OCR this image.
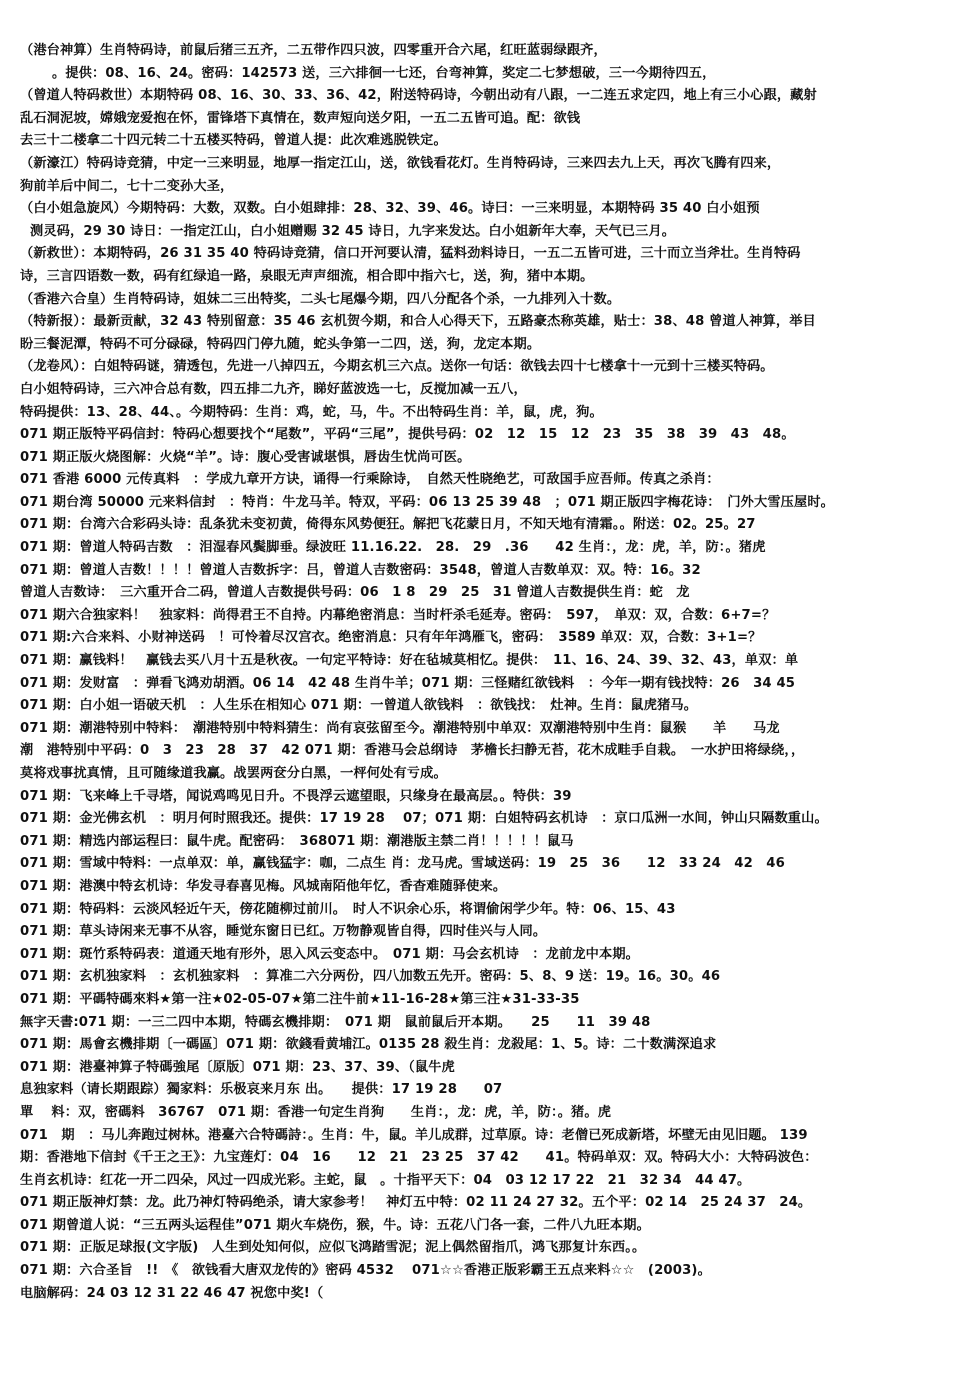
（港台神算）生肖特码诗，前鼠后猪三五齐，二五带作四只波，四零重开合六尾，红旺蓝弱绿跟齐，
。提供：08、16、24。密码：142573 送，三六排徊一七还，台弯神算，奖定二七梦想破，三一今期待四五，
（曾道人特码救世）本期特码 08、16、30、33、36、42，附送特码诗，今朝出动有八跟，一二连五求定四，地上有三小心跟，藏射
乱石洞泥坡，嫦娥宠爱抱在怀，雷锋塔下真情在，数声短向送夕阳，一五二五皆可追。配：欲钱
去三十二楼拿二十四元转二十五楼买特码，曾道人提：此次难逃脱铁定。
（新濠江）特码诗竞猜，中定一三来明显，地厚一指定江山，送，欲钱看花灯。生肖特码诗，三来四去九上天，再次飞腾有四来，
狗前羊后中间二，七十二变孙大圣，
（白小姐急旋风）今期特码：大数，双数。白小姐肆排：28、32、39、46。诗曰：一三来明显，本期特码 35 40 白小姐预
测灵码，29 30 诗日：一指定江山，白小姐赠赐 32 45 诗日，九字来发达。白小姐新年大奉，天气已三月。
（新救世）：本期特码，26 31 35 40 特码诗竞猜，信口开河要认清，猛料劲料诗日，一五二五皆可进，三十而立当斧壮。生肖特码
诗，三言四语数一数，码有红绿追一路，泉眼无声声细流，相合即中指六七，送，狗，猪中本期。
（香港六合皇）生肖特码诗，姐妹二三出特奖，二头七尾爆今期，四八分配各个杀，一九排列入十数。
（特新报）：最新贡献，32 43 特别留意：35 46 玄机贺今期，和合人心得天下，五路豪杰称英雄，贴士：38、48 曾道人神算，举目
盼三餐泥潭，特码不可分碌碌，特码四门停九随，蛇头争第一二四，送，狗，龙定本期。
（龙卷风）：白姐特码谜，猜透包，先进一八掉四五，今期玄机三六点。送你一句话：欲钱去四十七楼拿十一元到十三楼买特码。
白小姐特码诗，三六冲合总有数，四五排二九齐，睇好蓝波选一七，反搅加减一五八，
特码提供：13、28、44、。今期特码：生肖：鸡，蛇，马，牛。不出特码生肖：羊，鼠，虎，狗。
071 期正版特平码信封：特码心想要找个“尾数”，平码“三尾”，提供号码：02　12　15　12　23　35　38　39　43　48。
071 期正版火烧图解：火烧“羊”。诗：腹心受害诚堪惧，唇齿生忧尚可医。
071 香港 6000 元传真料　：学成九章开方诀，诵得一行乘除诗，　自然天性晓绝艺，可敌国手应吾师。传真之杀肖：
071 期台湾 50000 元来料信封　：特肖：牛龙马羊。特双，平码：06 13 25 39 48　；071 期正版四字梅花诗：　门外大雪压屋时。
071 期：台湾六合彩码头诗：乱条犹未变初黄，倚得东风势便狂。解把飞花蒙日月，不知天地有清霜。。附送：02。25。27
071 期：曾道人特码吉数　：泪湿春风鬓脚垂。绿波旺 11.16.22.　28.　29　.36　　42 生肖：，龙：虎，羊，防：。猪虎
071 期：曾道人吉数！！！！曾道人吉数拆字：吕，曾道人吉数密码：3548，曾道人吉数单双：双。特：16。32
曾道人吉数诗：　三六重开合二码，曾道人吉数提供号码：06　1 8　29　25　31 曾道人吉数提供生肖：蛇　龙
071 期六合独家料！　独家料：尚得君王不自持。内幕绝密消息：当时杆杀毛延寿。密码：　597，　单双：双，合数：6+7=？
071 期:六合来料、小财神送码　！可怜着尽汉宫衣。绝密消息：只有年年鸿雁飞，密码：　3589 单双：双，合数：3+1=？
071 期：赢钱料！　赢钱去买八月十五是秋夜。一句定平特诗：好在毡城莫相忆。提供：　11、16、24、39、32、43，单双：单
071 期：发财富　：弹看飞鸿劝胡酒。06 14　42 48 生肖牛羊；071 期：三怪赌红欲钱料　：今年一期有钱找特：26　34 45
071 期：白小姐一语破天机　：人生乐在相知心 071 期：一曾道人欲钱料　：欲钱找：　灶神。生肖：鼠虎猪马。
071 期：潮港特别中特料：　潮港特别中特料猜生：尚有哀弦留至今。潮港特别中单双：双潮港特别中生肖：鼠猴　　羊　　马龙
潮　港特别中平码：0　3　23　28　37　42 071 期：香港马会总纲诗　茅檐长扫静无苔，花木成畦手自栽。　一水护田将绿绕，，
莫将戏事扰真情，且可随缘道我赢。战罢两奁分白黑，一枰何处有亏成。
071 期：飞来峰上千寻塔，闻说鸡鸣见日升。不畏浮云遮望眼，只缘身在最高层。。特供：39
071 期：金光佛玄机　：明月何时照我还。提供：17 19 28　 07；071 期：白姐特码玄机诗　：京口瓜洲一水间，钟山只隔数重山。
071 期：精选内部运程曰：鼠牛虎。配密码：　368071 期：潮港版主禁二肖！！！！！鼠马
071 期：雪域中特料：一点单双：单，赢钱猛字：咖，二点生 肖：龙马虎。雪域送码：19　25　36　　12　33 24　42　46
071 期：港澳中特玄机诗：华发寻春喜见梅。风城南陌他年忆，香杳难随驿使来。
071 期：特码料：云淡风轻近午天，傍花随柳过前川。　时人不识余心乐，将谓偷闲学少年。特：06、15、43
071 期：草头诗闲来无事不从容，睡觉东窗日已红。万物静观皆自得，四时佳兴与人同。
071 期：斑竹系特码表：道通天地有形外，思入风云变态中。　071 期：马会玄机诗　：龙前龙中本期。
071 期：玄机独家料　：玄机独家料　：算准二六分两份，四八加数五先开。密码：5、8、9 送：19。16。30。46
071 期：平碼特碼來料★第一注★02-05-07★第二注牛前★11-16-28★第三注★31-33-35
無字天書:071 期：一三二四中本期，特碼玄機排期：　071 期　鼠前鼠后开本期。　　25　　11　39 48
071 期：馬會玄機排期〔一碼區〕071 期：欲錢看黄埔江。0135 28 殺生肖：龙殺尾：1、5。诗：二十数满深追求
071 期：港臺神算子特碼強尾〔原版〕071 期：23、37、39、（鼠牛虎
息独家料（请长期跟踪）獨家料：乐极哀来月东 出。　　提供：17 19 28　　07
單　 料：双，密碼料　36767　071 期：香港一句定生肖狗　　生肖：，龙：虎，羊，防：。猪。虎
071　期　：马儿奔跑过树林。港臺六合特碼詩：。生肖：牛，鼠。羊儿成群，过草原。诗：老僧已死成新塔，坏壁无由见旧题。 139
期：香港地下信封《千王之王》：九宝莲灯：04　16　　12　21　23 25　37 42　　41。特码单双：双。特码大小：大特码波色：
生肖玄机诗：红花一开二四朵，风过一四成光彩。主蛇，鼠　。十指平天下：04　03 12 17 22　21　32 34　44 47。
071 期正版神灯禁：龙。此乃神灯特码绝杀，请大家参考！　神灯五中特：02 11 24 27 32。五个平：02 14　25 24 37　24。
071 期曾道人说：“三五两头运程佳”071 期火车烧伤，猴，牛。诗：五花八门各一套，二件八九旺本期。
071 期：正版足球报(文字版)　人生到处知何似，应似飞鸿踏雪泥；泥上偶然留指爪，鸿飞那复计东西。。
071 期：六合圣旨　!!　《　欲钱看大唐双龙传的》密码 4532　 071☆☆香港正版彩霸王五点来料☆☆　(2003)。
电脑解码：24 03 12 31 22 46 47 祝您中奖!（
